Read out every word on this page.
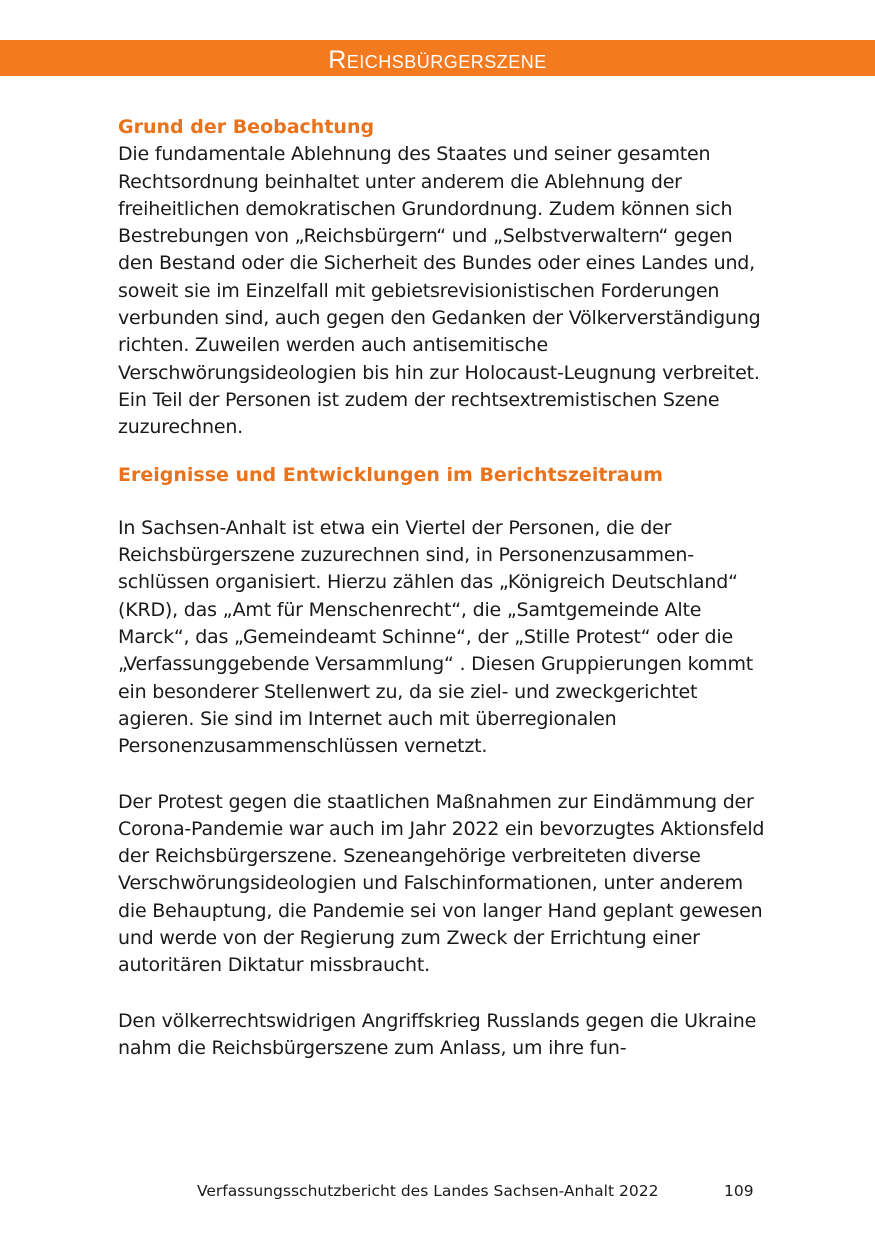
Reichsbürgerszene
Grund der Beobachtung

Die fundamentale Ablehnung des Staates und seiner gesamten Rechtsordnung beinhaltet unter anderem die Ablehnung der freiheitlichen demokratischen Grundordnung. Zudem können sich Bestrebungen von „Reichsbürgern“ und „Selbstverwaltern“ gegen den Bestand oder die Sicherheit des Bundes oder eines Landes und, soweit sie im Einzelfall mit gebietsrevisionistischen Forderungen verbunden sind, auch gegen den Gedanken der Völkerverständigung richten. Zuweilen werden auch antisemitische Verschwörungsideologien bis hin zur Holocaust-Leugnung verbreitet.

Ein Teil der Personen ist zudem der rechtsextremistischen Szene zuzurechnen.

Ereignisse und Entwicklungen im Berichtszeitraum

In Sachsen-Anhalt ist etwa ein Viertel der Personen, die der Reichsbürgerszene zuzurechnen sind, in Personenzusammenschlüssen organisiert. Hierzu zählen das „Königreich Deutschland“ (KRD), das „Amt für Menschenrecht“, die „Samtgemeinde Alte Marck“, das „Gemeindeamt Schinne“, der „Stille Protest“ oder die „Verfassunggebende Versammlung“ . Diesen Gruppierungen kommt ein besonderer Stellenwert zu, da sie ziel- und zweckgerichtet agieren. Sie sind im Internet auch mit überregionalen Personenzusammenschlüssen vernetzt.

Der Protest gegen die staatlichen Maßnahmen zur Eindämmung der Corona-Pandemie war auch im Jahr 2022 ein bevorzugtes Aktionsfeld der Reichsbürgerszene. Szeneangehörige verbreiteten diverse Verschwörungsideologien und Falschinformationen, unter anderem die Behauptung, die Pandemie sei von langer Hand geplant gewesen und werde von der Regierung zum Zweck der Errichtung einer autoritären Diktatur missbraucht.

Den völkerrechtswidrigen Angriffskrieg Russlands gegen die Ukraine nahm die Reichsbürgerszene zum Anlass, um ihre fun-

Verfassungsschutzbericht des Landes Sachsen-Anhalt 2022	109
